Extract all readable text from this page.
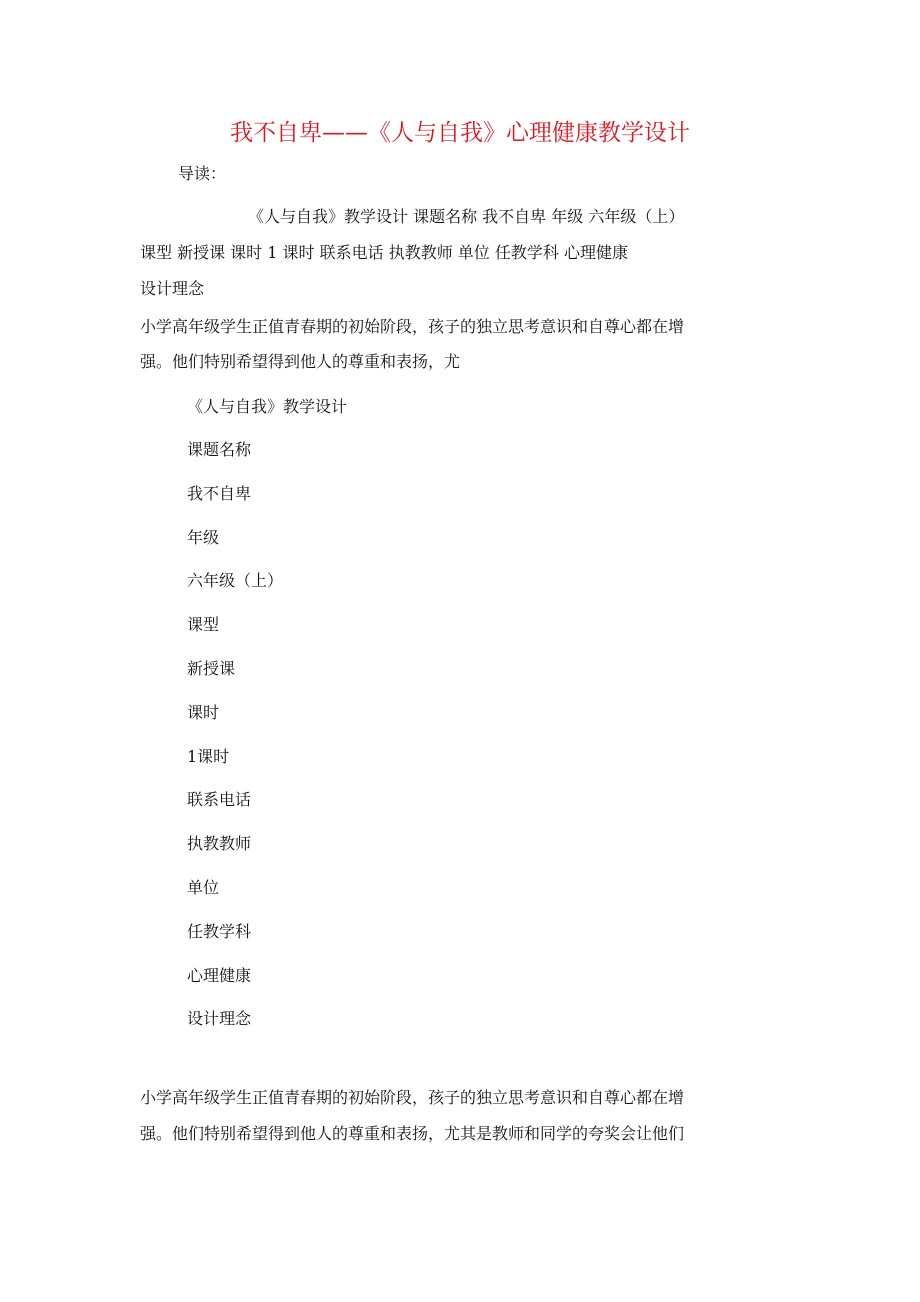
我不自卑——《人与自我》心理健康教学设计
导读：
《人与自我》教学设计 课题名称 我不自卑 年级 六年级（上）
课型 新授课 课时 1 课时 联系电话 执教教师 单位 任教学科 心理健康
设计理念
小学高年级学生正值青春期的初始阶段，孩子的独立思考意识和自尊心都在增
强。他们特别希望得到他人的尊重和表扬，尤
《人与自我》教学设计
课题名称
我不自卑
年级
六年级（上）
课型
新授课
课时
1课时
联系电话
执教教师
单位
任教学科
心理健康
设计理念
小学高年级学生正值青春期的初始阶段，孩子的独立思考意识和自尊心都在增
强。他们特别希望得到他人的尊重和表扬，尤其是教师和同学的夸奖会让他们
